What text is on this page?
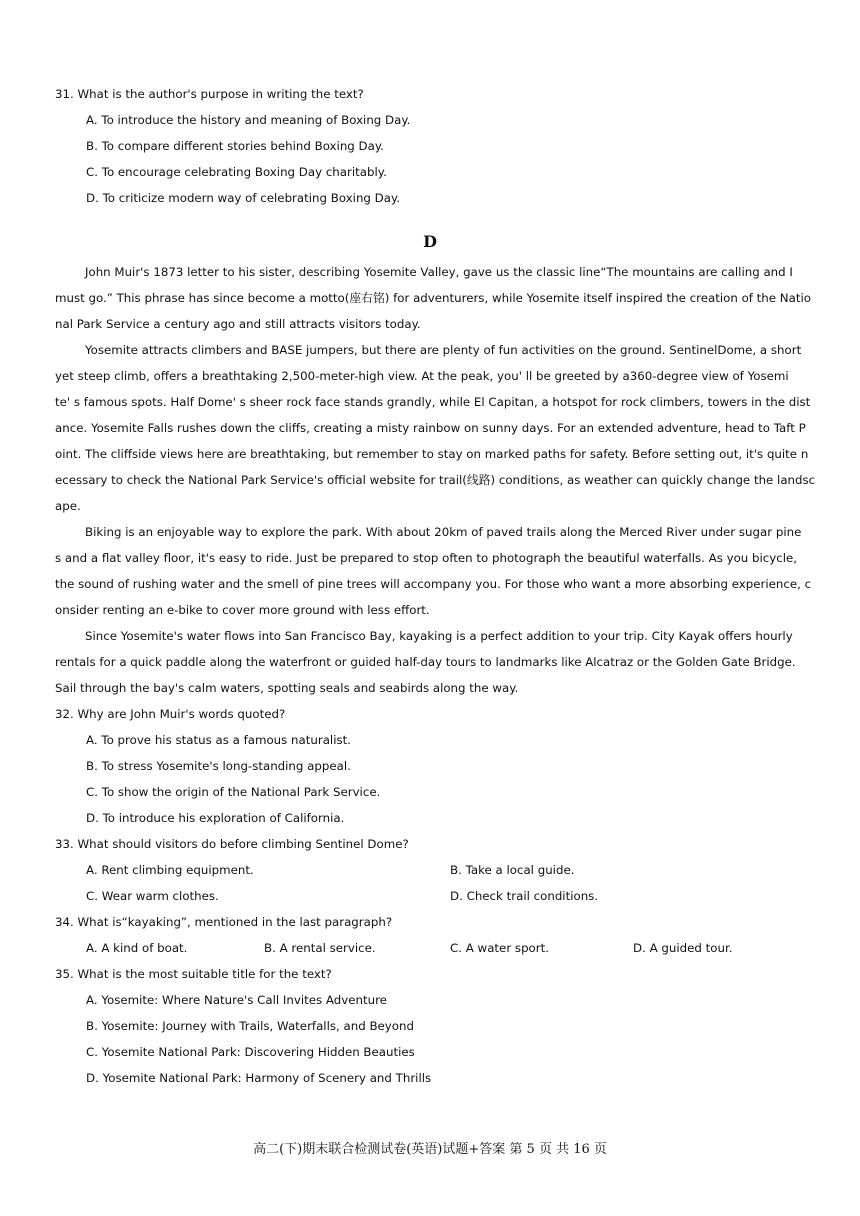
31. What is the author's purpose in writing the text?
A. To introduce the history and meaning of Boxing Day.
B. To compare different stories behind Boxing Day.
C. To encourage celebrating Boxing Day charitably.
D. To criticize modern way of celebrating Boxing Day.
D
John Muir's 1873 letter to his sister, describing Yosemite Valley, gave us the classic line“The mountains are calling and I
must go.” This phrase has since become a motto(座右铭) for adventurers, while Yosemite itself inspired the creation of the Natio
nal Park Service a century ago and still attracts visitors today.
Yosemite attracts climbers and BASE jumpers, but there are plenty of fun activities on the ground. SentinelDome, a short
yet steep climb, offers a breathtaking 2,500-meter-high view. At the peak, you' ll be greeted by a360-degree view of Yosemi
te' s famous spots. Half Dome' s sheer rock face stands grandly, while El Capitan, a hotspot for rock climbers, towers in the dist
ance. Yosemite Falls rushes down the cliffs, creating a misty rainbow on sunny days. For an extended adventure, head to Taft P
oint. The cliffside views here are breathtaking, but remember to stay on marked paths for safety. Before setting out, it's quite n
ecessary to check the National Park Service's official website for trail(线路) conditions, as weather can quickly change the landsc
ape.
Biking is an enjoyable way to explore the park. With about 20km of paved trails along the Merced River under sugar pine
s and a flat valley floor, it's easy to ride. Just be prepared to stop often to photograph the beautiful waterfalls. As you bicycle,
the sound of rushing water and the smell of pine trees will accompany you. For those who want a more absorbing experience, c
onsider renting an e-bike to cover more ground with less effort.
Since Yosemite's water flows into San Francisco Bay, kayaking is a perfect addition to your trip. City Kayak offers hourly
rentals for a quick paddle along the waterfront or guided half-day tours to landmarks like Alcatraz or the Golden Gate Bridge.
Sail through the bay's calm waters, spotting seals and seabirds along the way.
32. Why are John Muir's words quoted?
A. To prove his status as a famous naturalist.
B. To stress Yosemite's long-standing appeal.
C. To show the origin of the National Park Service.
D. To introduce his exploration of California.
33. What should visitors do before climbing Sentinel Dome?
A. Rent climbing equipment.	B. Take a local guide.
C. Wear warm clothes.	D. Check trail conditions.
34. What is“kayaking”, mentioned in the last paragraph?
A. A kind of boat.	B. A rental service.	C. A water sport.	D. A guided tour.
35. What is the most suitable title for the text?
A. Yosemite: Where Nature's Call Invites Adventure
B. Yosemite: Journey with Trails, Waterfalls, and Beyond
C. Yosemite National Park: Discovering Hidden Beauties
D. Yosemite National Park: Harmony of Scenery and Thrills
高二(下)期末联合检测试卷(英语)试题+答案 第 5 页 共 16 页
